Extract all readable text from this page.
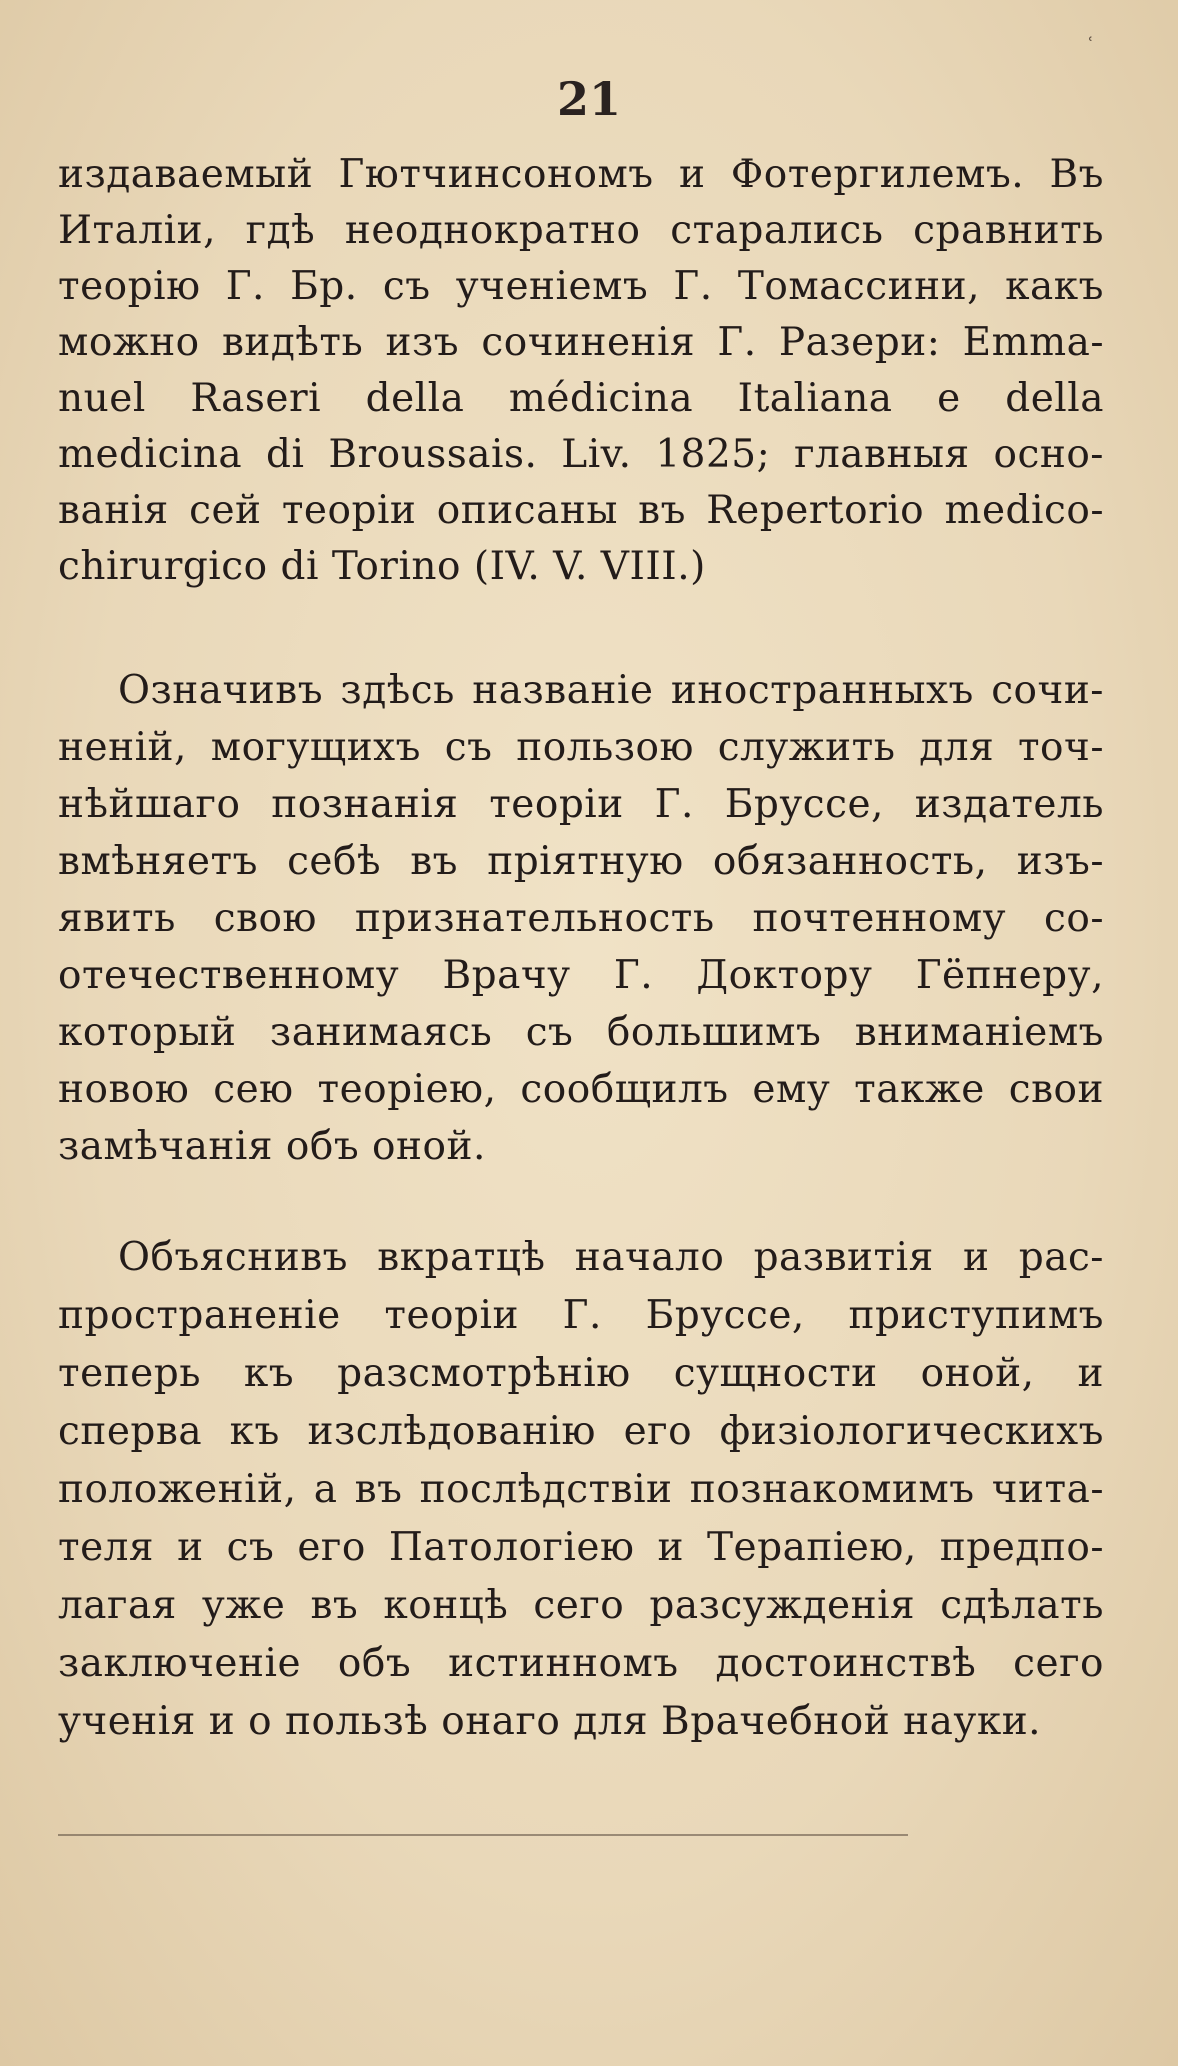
ʿ
21
издаваемый Гютчинсономъ и Фотергилемъ. Въ
Италіи, гдѣ неоднократно старались сравнить
теорію Г. Бр. съ ученіемъ Г. Томассини, какъ
можно видѣть изъ сочиненія Г. Разери: Emma-
nuel Raseri della médicina Italiana e della
medicina di Broussais. Liv. 1825; главныя осно-
ванія сей теоріи описаны въ Repertorio medico-
chirurgico di Torino (IV. V. VIII.)
Означивъ здѣсь названіе иностранныхъ сочи-
неній, могущихъ съ пользою служить для точ-
нѣйшаго познанія теоріи Г. Бруссе, издатель
вмѣняетъ себѣ въ пріятную обязанность, изъ-
явить свою признательность почтенному со-
отечественному Врачу Г. Доктору Гёпнеру,
который занимаясь съ большимъ вниманіемъ
новою сею теоріею, сообщилъ ему также свои
замѣчанія объ оной.
Объяснивъ вкратцѣ начало развитія и рас-
пространеніе теоріи Г. Бруссе, приступимъ
теперь къ разсмотрѣнію сущности оной, и
сперва къ изслѣдованію его физіологическихъ
положеній, а въ послѣдствіи познакомимъ чита-
теля и съ его Патологіею и Терапіею, предпо-
лагая уже въ концѣ сего разсужденія сдѣлать
заключеніе объ истинномъ достоинствѣ сего
ученія и о пользѣ онаго для Врачебной науки.
